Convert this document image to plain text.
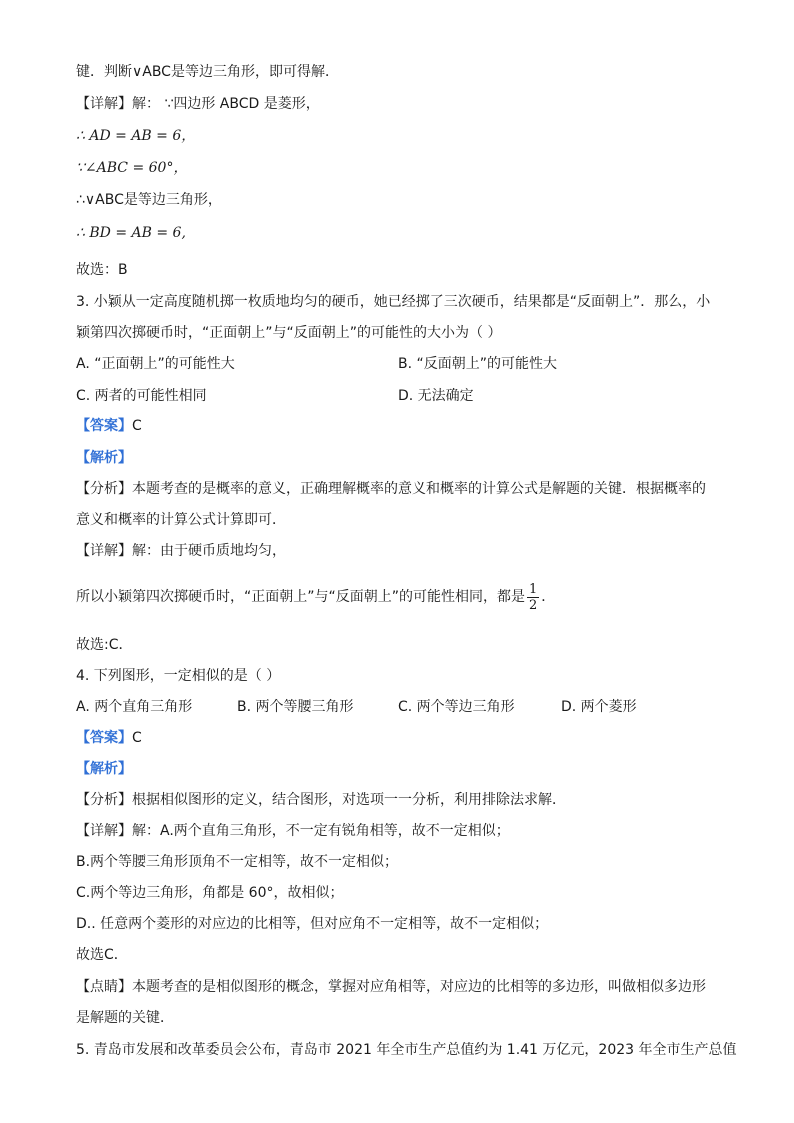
键．判断∨ABC是等边三角形，即可得解．
【详解】解： ∵四边形 ABCD 是菱形，
∴ AD = AB = 6，
∵∠ABC = 60°，
∴∨ABC是等边三角形，
∴ BD = AB = 6,
故选：B
3. 小颖从一定高度随机掷一枚质地均匀的硬币，她已经掷了三次硬币，结果都是“反面朝上”．那么，小
颖第四次掷硬币时，“正面朝上”与“反面朝上”的可能性的大小为（ ）
A. “正面朝上”的可能性大	B. “反面朝上”的可能性大
C. 两者的可能性相同	D. 无法确定
【答案】C
【解析】
【分析】本题考查的是概率的意义，正确理解概率的意义和概率的计算公式是解题的关键．根据概率的
意义和概率的计算公式计算即可．
【详解】解：由于硬币质地均匀，
所以小颖第四次掷硬币时，“正面朝上”与“反面朝上”的可能性相同，都是 $\frac{1}{2}$ ．
故选:C．
4. 下列图形，一定相似的是（ ）
A. 两个直角三角形	B. 两个等腰三角形	C. 两个等边三角形	D. 两个菱形
【答案】C
【解析】
【分析】根据相似图形的定义，结合图形，对选项一一分析，利用排除法求解．
【详解】解：A.两个直角三角形，不一定有锐角相等，故不一定相似；
B.两个等腰三角形顶角不一定相等，故不一定相似；
C.两个等边三角形，角都是 60°，故相似；
D.. 任意两个菱形的对应边的比相等，但对应角不一定相等，故不一定相似；
故选C．
【点睛】本题考查的是相似图形的概念，掌握对应角相等，对应边的比相等的多边形，叫做相似多边形
是解题的关键．
5. 青岛市发展和改革委员会公布，青岛市 2021 年全市生产总值约为 1.41 万亿元，2023 年全市生产总值
